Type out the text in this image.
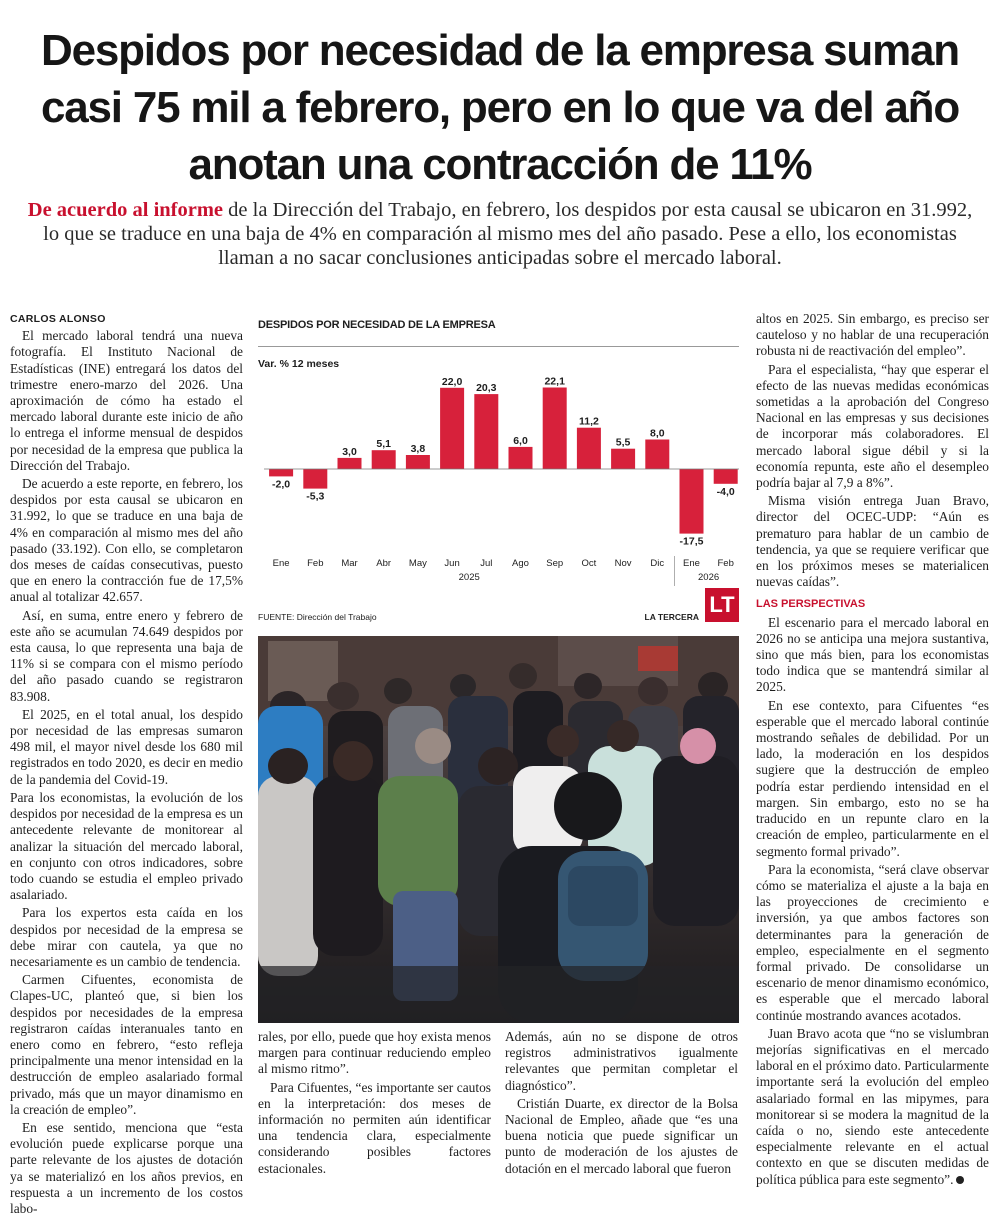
Despidos por necesidad de la empresa suman casi 75 mil a febrero, pero en lo que va del año anotan una contracción de 11%

De acuerdo al informe de la Dirección del Trabajo, en febrero, los despidos por esta causal se ubicaron en 31.992, lo que se traduce en una baja de 4% en comparación al mismo mes del año pasado. Pese a ello, los economistas llaman a no sacar conclusiones anticipadas sobre el mercado laboral.

CARLOS ALONSO

El mercado laboral tendrá una nueva fotografía. El Instituto Nacional de Estadísticas (INE) entregará los datos del trimestre enero-marzo del 2026. Una aproximación de cómo ha estado el mercado laboral durante este inicio de año lo entrega el informe mensual de despidos por necesidad de la empresa que publica la Dirección del Trabajo.

De acuerdo a este reporte, en febrero, los despidos por esta causal se ubicaron en 31.992, lo que se traduce en una baja de 4% en comparación al mismo mes del año pasado (33.192). Con ello, se completaron dos meses de caídas consecutivas, puesto que en enero la contracción fue de 17,5% anual al totalizar 42.657.

Así, en suma, entre enero y febrero de este año se acumulan 74.649 despidos por esta causa, lo que representa una baja de 11% si se compara con el mismo período del año pasado cuando se registraron 83.908.

El 2025, en el total anual, los despido por necesidad de las empresas sumaron 498 mil, el mayor nivel desde los 680 mil registrados en todo 2020, es decir en medio de la pandemia del Covid-19.

Para los economistas, la evolución de los despidos por necesidad de la empresa es un antecedente relevante de monitorear al analizar la situación del mercado laboral, en conjunto con otros indicadores, sobre todo cuando se estudia el empleo privado asalariado.

Para los expertos esta caída en los despidos por necesidad de la empresa se debe mirar con cautela, ya que no necesariamente es un cambio de tendencia.

Carmen Cifuentes, economista de Clapes-UC, planteó que, si bien los despidos por necesidades de la empresa registraron caídas interanuales tanto en enero como en febrero, “esto refleja principalmente una menor intensidad en la destrucción de empleo asalariado formal privado, más que un mayor dinamismo en la creación de empleo”.

En ese sentido, menciona que “esta evolución puede explicarse porque una parte relevante de los ajustes de dotación ya se materializó en los años previos, en respuesta a un incremento de los costos labo-

DESPIDOS POR NECESIDAD DE LA EMPRESA
Var. % 12 meses
-2,0
Ene
-5,3
Feb
3,0
Mar
5,1
Abr
3,8
May
22,0
Jun
20,3
Jul
6,0
Ago
22,1
Sep
11,2
Oct
5,5
Nov
8,0
Dic
-17,5
Ene
-4,0
Feb
2025	2026
FUENTE: Dirección del Trabajo	LA TERCERA LT

rales, por ello, puede que hoy exista menos margen para continuar reduciendo empleo al mismo ritmo”.

Para Cifuentes, “es importante ser cautos en la interpretación: dos meses de información no permiten aún identificar una tendencia clara, especialmente considerando posibles factores estacionales.

Además, aún no se dispone de otros registros administrativos igualmente relevantes que permitan completar el diagnóstico”.

Cristián Duarte, ex director de la Bolsa Nacional de Empleo, añade que “es una buena noticia que puede significar un punto de moderación de los ajustes de dotación en el mercado laboral que fueron

altos en 2025. Sin embargo, es preciso ser cauteloso y no hablar de una recuperación robusta ni de reactivación del empleo”.

Para el especialista, “hay que esperar el efecto de las nuevas medidas económicas sometidas a la aprobación del Congreso Nacional en las empresas y sus decisiones de incorporar más colaboradores. El mercado laboral sigue débil y si la economía repunta, este año el desempleo podría bajar al 7,9 a 8%”.

Misma visión entrega Juan Bravo, director del OCEC-UDP: “Aún es prematuro para hablar de un cambio de tendencia, ya que se requiere verificar que en los próximos meses se materialicen nuevas caídas”.

LAS PERSPECTIVAS

El escenario para el mercado laboral en 2026 no se anticipa una mejora sustantiva, sino que más bien, para los economistas todo indica que se mantendrá similar al 2025.

En ese contexto, para Cifuentes “es esperable que el mercado laboral continúe mostrando señales de debilidad. Por un lado, la moderación en los despidos sugiere que la destrucción de empleo podría estar perdiendo intensidad en el margen. Sin embargo, esto no se ha traducido en un repunte claro en la creación de empleo, particularmente en el segmento formal privado”.

Para la economista, “será clave observar cómo se materializa el ajuste a la baja en las proyecciones de crecimiento e inversión, ya que ambos factores son determinantes para la generación de empleo, especialmente en el segmento formal privado. De consolidarse un escenario de menor dinamismo económico, es esperable que el mercado laboral continúe mostrando avances acotados.

Juan Bravo acota que “no se vislumbran mejorías significativas en el mercado laboral en el próximo dato. Particularmente importante será la evolución del empleo asalariado formal en las mipymes, para monitorear si se modera la magnitud de la caída o no, siendo este antecedente especialmente relevante en el actual contexto en que se discuten medidas de política pública para este segmento”.
